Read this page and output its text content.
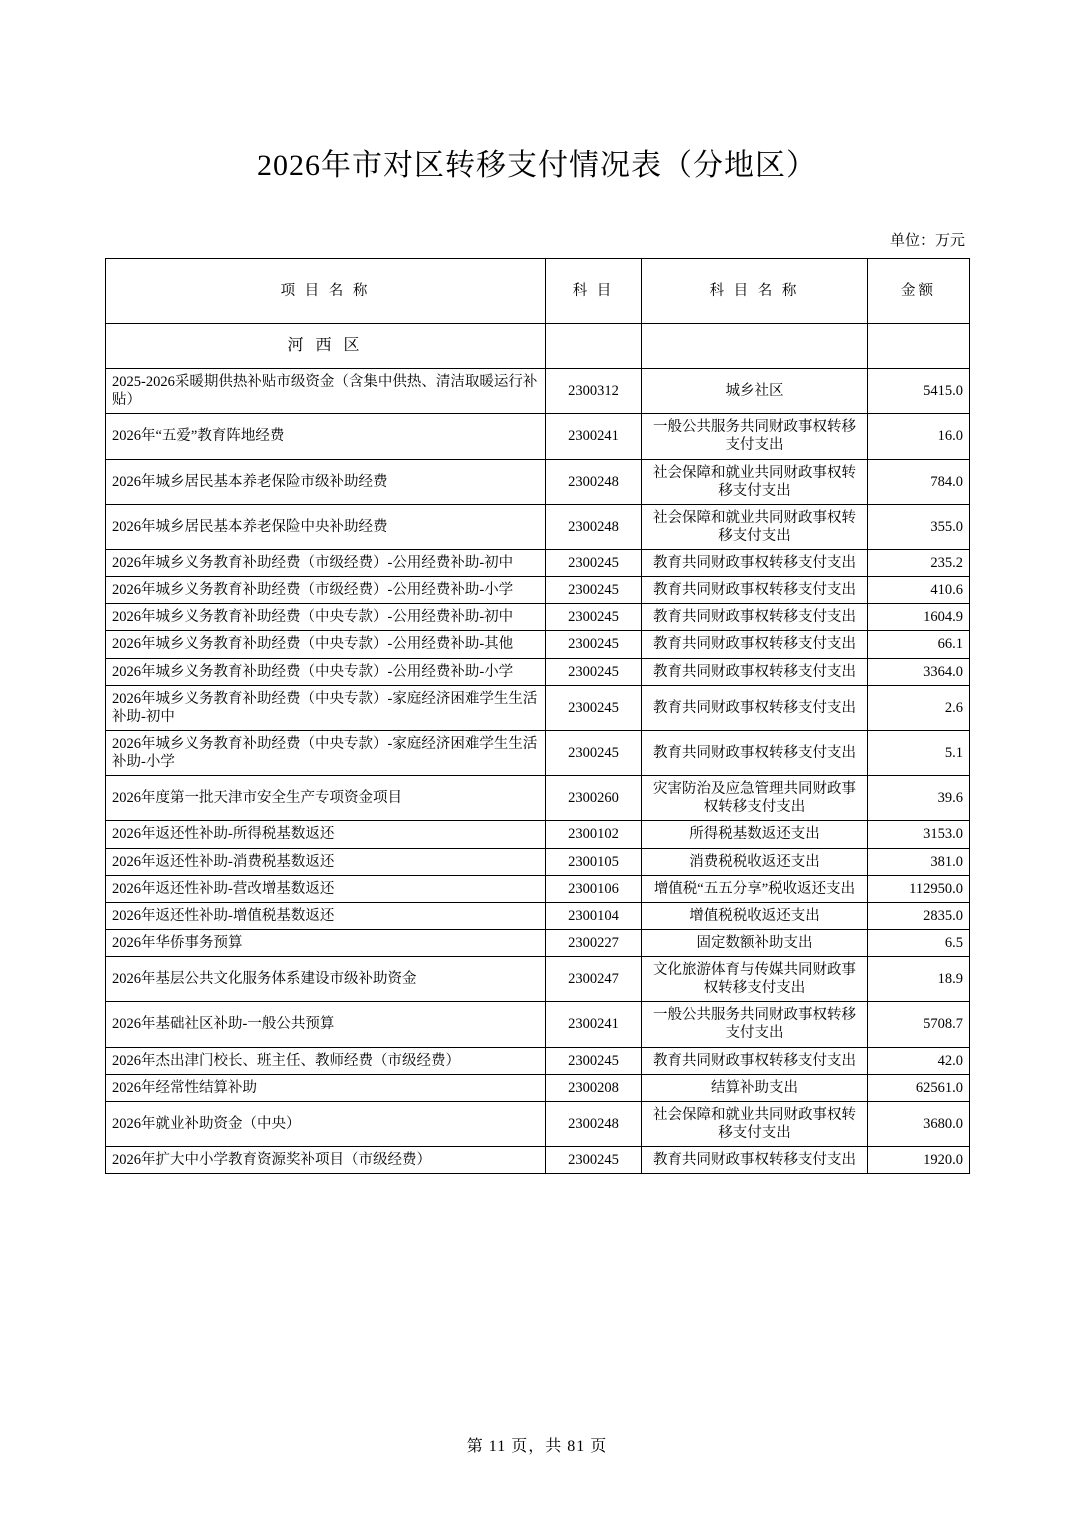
2026年市对区转移支付情况表（分地区）
单位：万元
项 目 名 称	科 目	科 目 名 称	金额
河 西 区			
2025-2026采暖期供热补贴市级资金（含集中供热、清洁取暖运行补贴）	2300312	城乡社区	5415.0
2026年“五爱”教育阵地经费	2300241	一般公共服务共同财政事权转移支付支出	16.0
2026年城乡居民基本养老保险市级补助经费	2300248	社会保障和就业共同财政事权转移支付支出	784.0
2026年城乡居民基本养老保险中央补助经费	2300248	社会保障和就业共同财政事权转移支付支出	355.0
2026年城乡义务教育补助经费（市级经费）-公用经费补助-初中	2300245	教育共同财政事权转移支付支出	235.2
2026年城乡义务教育补助经费（市级经费）-公用经费补助-小学	2300245	教育共同财政事权转移支付支出	410.6
2026年城乡义务教育补助经费（中央专款）-公用经费补助-初中	2300245	教育共同财政事权转移支付支出	1604.9
2026年城乡义务教育补助经费（中央专款）-公用经费补助-其他	2300245	教育共同财政事权转移支付支出	66.1
2026年城乡义务教育补助经费（中央专款）-公用经费补助-小学	2300245	教育共同财政事权转移支付支出	3364.0
2026年城乡义务教育补助经费（中央专款）-家庭经济困难学生生活补助-初中	2300245	教育共同财政事权转移支付支出	2.6
2026年城乡义务教育补助经费（中央专款）-家庭经济困难学生生活补助-小学	2300245	教育共同财政事权转移支付支出	5.1
2026年度第一批天津市安全生产专项资金项目	2300260	灾害防治及应急管理共同财政事权转移支付支出	39.6
2026年返还性补助-所得税基数返还	2300102	所得税基数返还支出	3153.0
2026年返还性补助-消费税基数返还	2300105	消费税税收返还支出	381.0
2026年返还性补助-营改增基数返还	2300106	增值税“五五分享”税收返还支出	112950.0
2026年返还性补助-增值税基数返还	2300104	增值税税收返还支出	2835.0
2026年华侨事务预算	2300227	固定数额补助支出	6.5
2026年基层公共文化服务体系建设市级补助资金	2300247	文化旅游体育与传媒共同财政事权转移支付支出	18.9
2026年基础社区补助-一般公共预算	2300241	一般公共服务共同财政事权转移支付支出	5708.7
2026年杰出津门校长、班主任、教师经费（市级经费）	2300245	教育共同财政事权转移支付支出	42.0
2026年经常性结算补助	2300208	结算补助支出	62561.0
2026年就业补助资金（中央）	2300248	社会保障和就业共同财政事权转移支付支出	3680.0
2026年扩大中小学教育资源奖补项目（市级经费）	2300245	教育共同财政事权转移支付支出	1920.0
第 11 页，共 81 页
